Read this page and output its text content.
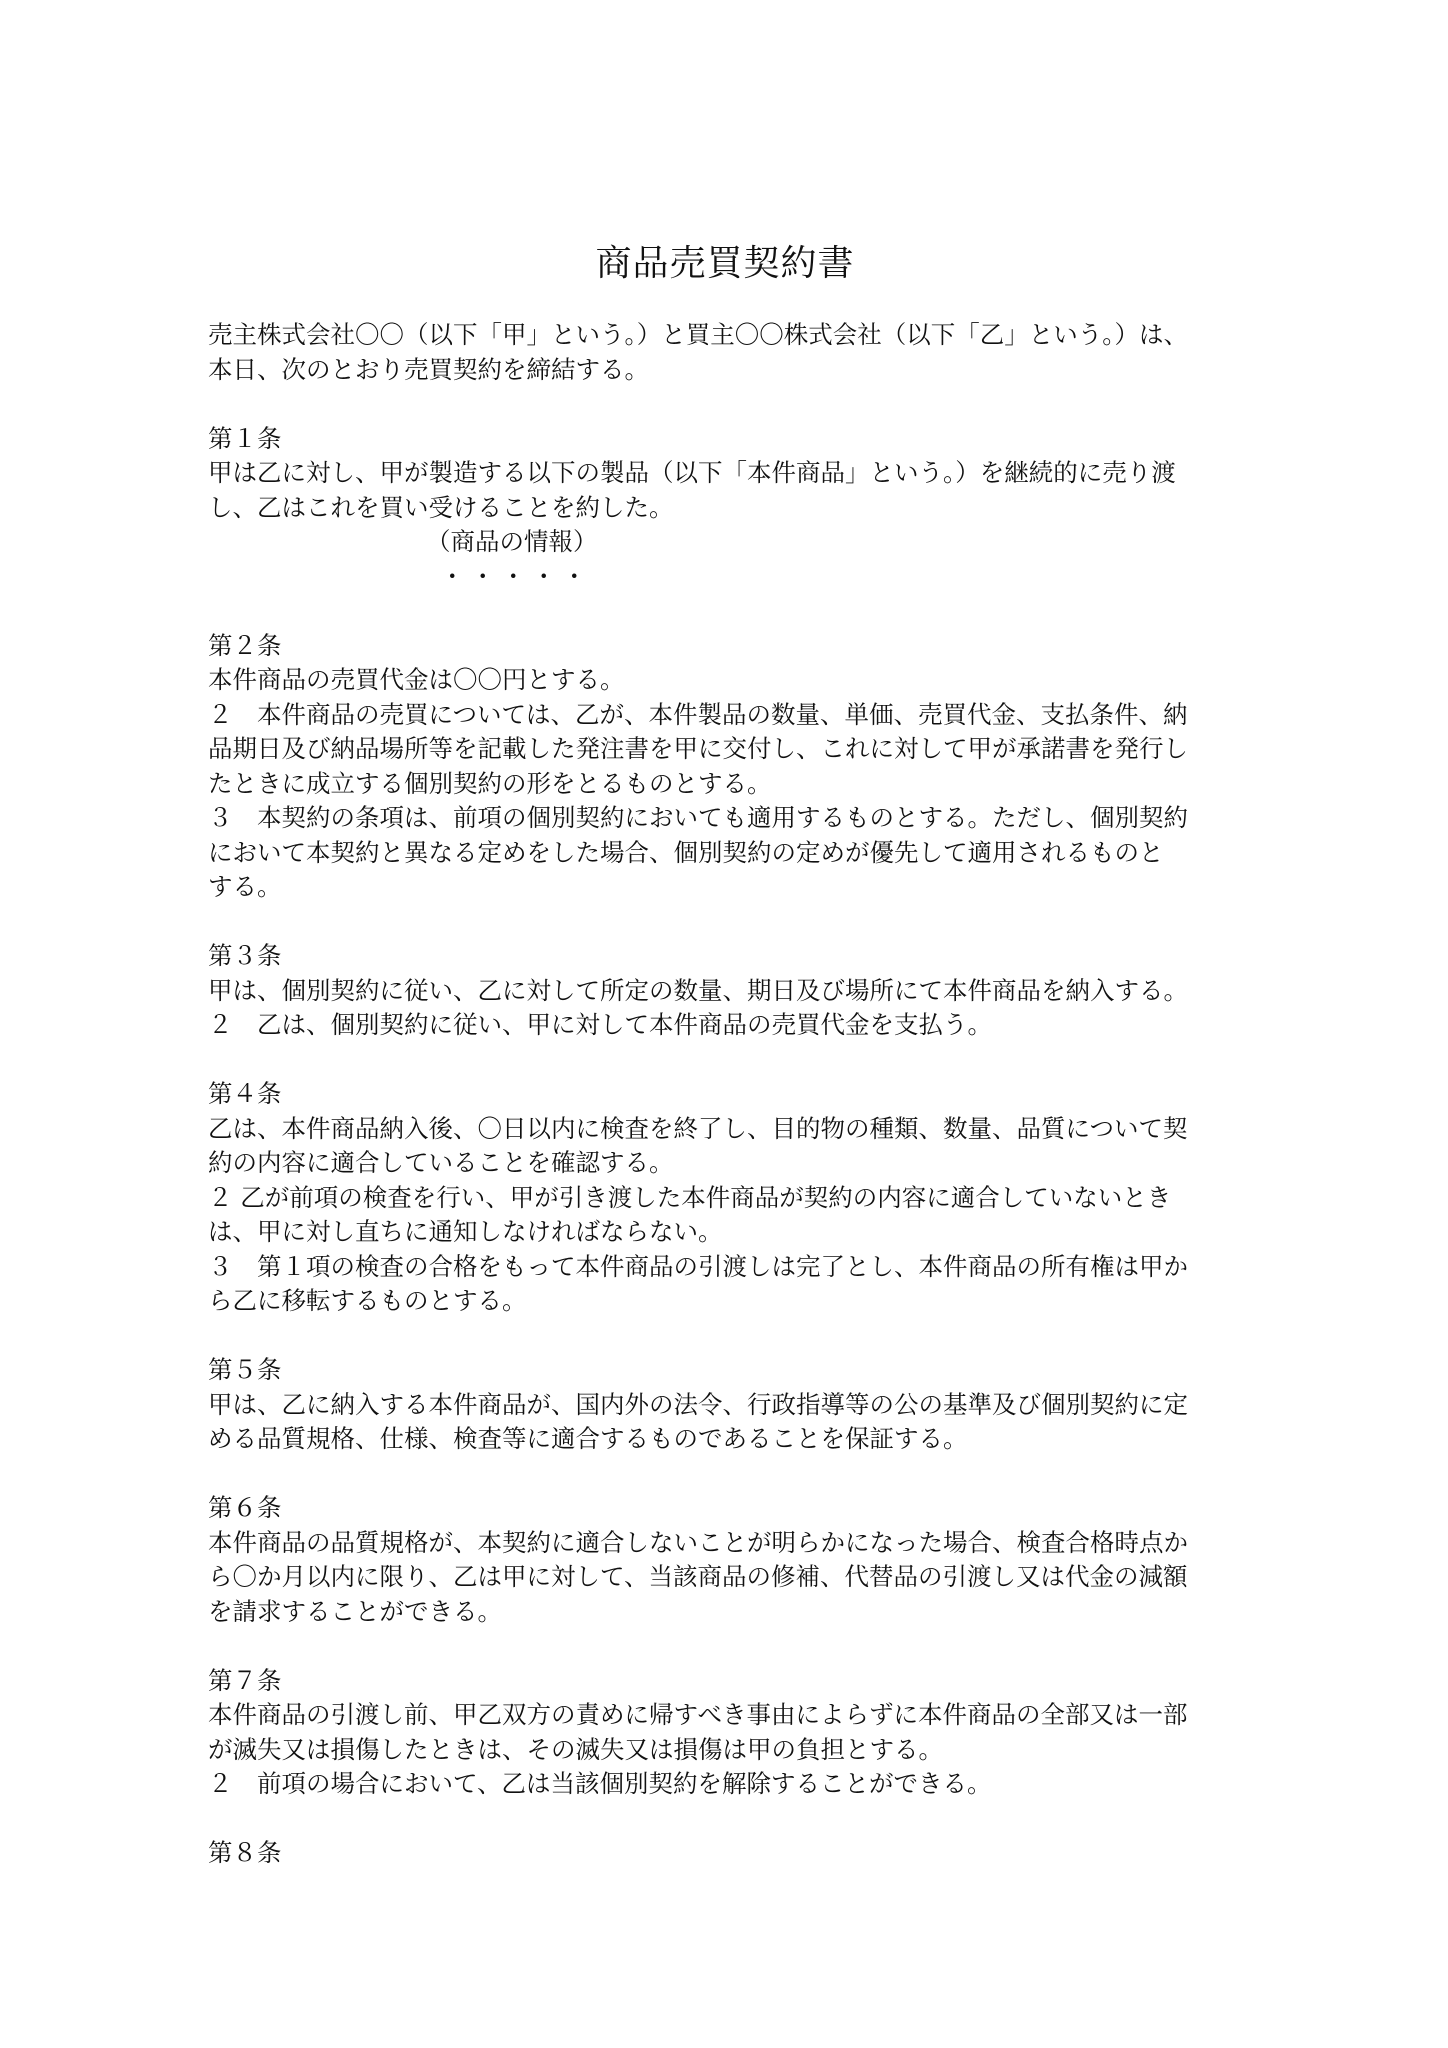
商品売買契約書

売主株式会社〇〇（以下「甲」という。）と買主〇〇株式会社（以下「乙」という。）は、

本日、次のとおり売買契約を締結する。

第１条

甲は乙に対し、甲が製造する以下の製品（以下「本件商品」という。）を継続的に売り渡

し、乙はこれを買い受けることを約した。

（商品の情報）

・・・・・

第２条

本件商品の売買代金は〇〇円とする。

２　本件商品の売買については、乙が、本件製品の数量、単価、売買代金、支払条件、納

品期日及び納品場所等を記載した発注書を甲に交付し、これに対して甲が承諾書を発行し

たときに成立する個別契約の形をとるものとする。

３　本契約の条項は、前項の個別契約においても適用するものとする。ただし、個別契約

において本契約と異なる定めをした場合、個別契約の定めが優先して適用されるものと

する。

第３条

甲は、個別契約に従い、乙に対して所定の数量、期日及び場所にて本件商品を納入する。

２　乙は、個別契約に従い、甲に対して本件商品の売買代金を支払う。

第４条

乙は、本件商品納入後、〇日以内に検査を終了し、目的物の種類、数量、品質について契

約の内容に適合していることを確認する。

２ 乙が前項の検査を行い、甲が引き渡した本件商品が契約の内容に適合していないとき

は、甲に対し直ちに通知しなければならない。

３　第１項の検査の合格をもって本件商品の引渡しは完了とし、本件商品の所有権は甲か

ら乙に移転するものとする。

第５条

甲は、乙に納入する本件商品が、国内外の法令、行政指導等の公の基準及び個別契約に定

める品質規格、仕様、検査等に適合するものであることを保証する。

第６条

本件商品の品質規格が、本契約に適合しないことが明らかになった場合、検査合格時点か

ら〇か月以内に限り、乙は甲に対して、当該商品の修補、代替品の引渡し又は代金の減額

を請求することができる。

第７条

本件商品の引渡し前、甲乙双方の責めに帰すべき事由によらずに本件商品の全部又は一部

が滅失又は損傷したときは、その滅失又は損傷は甲の負担とする。

２　前項の場合において、乙は当該個別契約を解除することができる。

第８条
